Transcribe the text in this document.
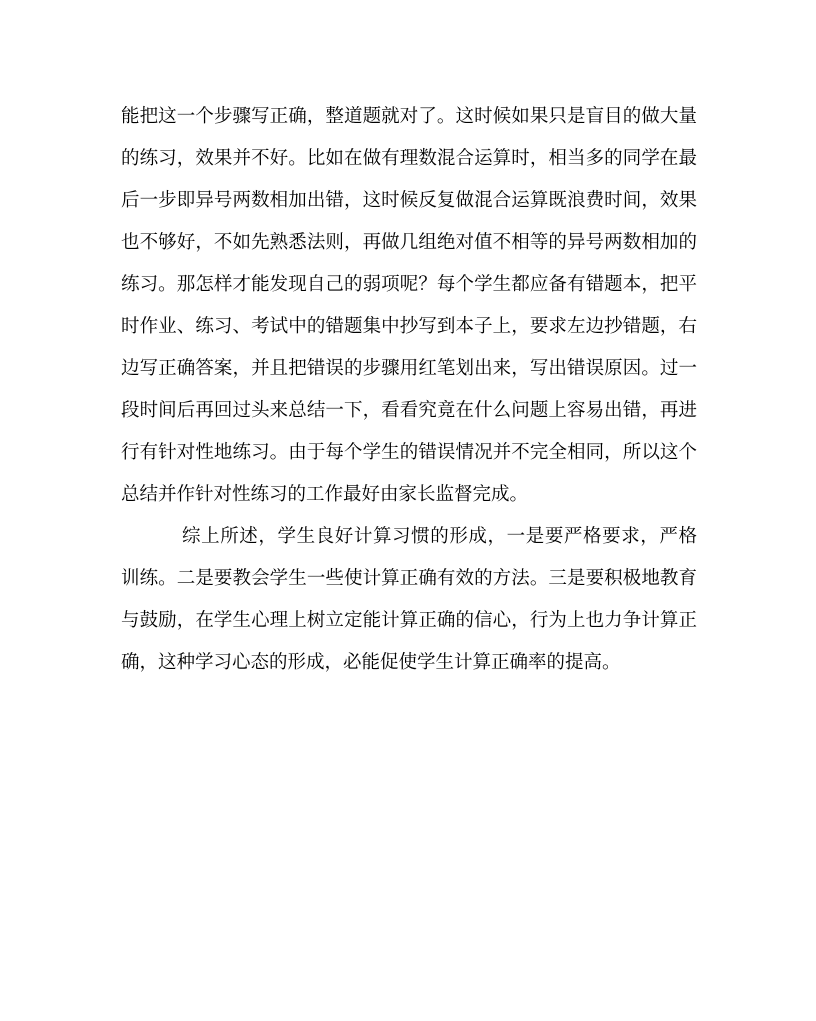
能把这一个步骤写正确，整道题就对了。这时候如果只是盲目的做大量
的练习，效果并不好。比如在做有理数混合运算时，相当多的同学在最
后一步即异号两数相加出错，这时候反复做混合运算既浪费时间，效果
也不够好，不如先熟悉法则，再做几组绝对值不相等的异号两数相加的
练习。那怎样才能发现自己的弱项呢？每个学生都应备有错题本，把平
时作业、练习、考试中的错题集中抄写到本子上，要求左边抄错题，右
边写正确答案，并且把错误的步骤用红笔划出来，写出错误原因。过一
段时间后再回过头来总结一下，看看究竟在什么问题上容易出错，再进
行有针对性地练习。由于每个学生的错误情况并不完全相同，所以这个
总结并作针对性练习的工作最好由家长监督完成。
综上所述，学生良好计算习惯的形成，一是要严格要求，严格
训练。二是要教会学生一些使计算正确有效的方法。三是要积极地教育
与鼓励，在学生心理上树立定能计算正确的信心，行为上也力争计算正
确，这种学习心态的形成，必能促使学生计算正确率的提高。
